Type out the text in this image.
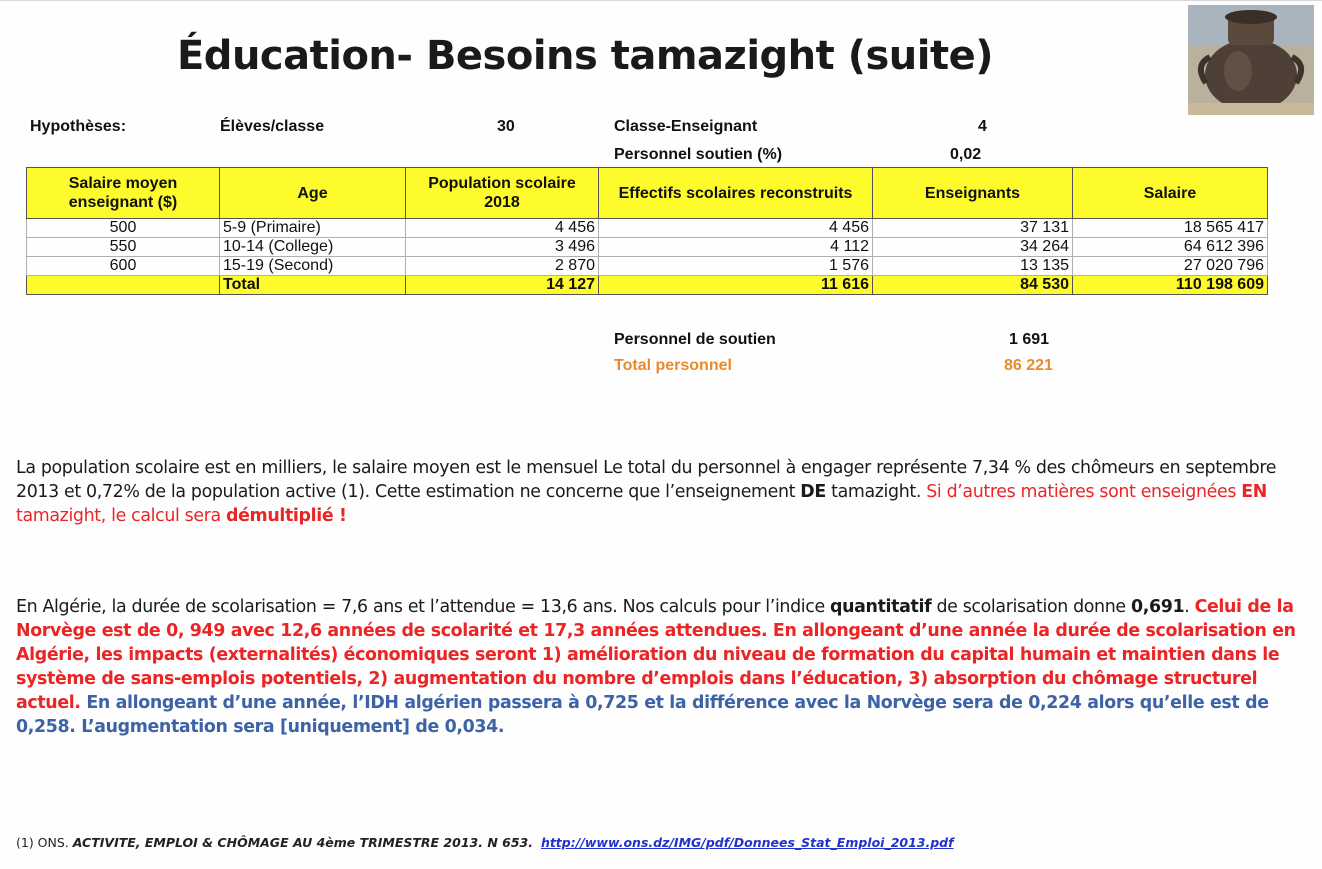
Éducation- Besoins tamazight (suite)
Hypothèses:	Élèves/classe	30	Classe-Enseignant	4
Personnel soutien (%)	0,02
Salaire moyen enseignant ($)	Age	Population scolaire 2018	Effectifs scolaires reconstruits	Enseignants	Salaire
500	5-9 (Primaire)	4 456	4 456	37 131	18 565 417
550	10-14 (College)	3 496	4 112	34 264	64 612 396
600	15-19 (Second)	2 870	1 576	13 135	27 020 796
	Total	14 127	11 616	84 530	110 198 609
Personnel de soutien	1 691
Total personnel	86 221
La population scolaire est en milliers, le salaire moyen est le mensuel Le total du personnel à engager représente 7,34 % des chômeurs en septembre 2013 et 0,72% de la population active (1). Cette estimation ne concerne que l’enseignement DE tamazight. Si d’autres matières sont enseignées EN tamazight, le calcul sera démultiplié !
En Algérie, la durée de scolarisation = 7,6 ans et l’attendue = 13,6 ans. Nos calculs pour l’indice quantitatif de scolarisation donne 0,691. Celui de la Norvège est de 0, 949 avec 12,6 années de scolarité et 17,3 années attendues. En allongeant d’une année la durée de scolarisation en Algérie, les impacts (externalités) économiques seront 1) amélioration du niveau de formation du capital humain et maintien dans le système de sans-emplois potentiels, 2) augmentation du nombre d’emplois dans l’éducation, 3) absorption du chômage structurel actuel. En allongeant d’une année, l’IDH algérien passera à 0,725 et la différence avec la Norvège sera de 0,224 alors qu’elle est de 0,258. L’augmentation sera [uniquement] de 0,034.
(1) ONS. ACTIVITE, EMPLOI & CHÔMAGE AU 4ème TRIMESTRE 2013. N 653. http://www.ons.dz/IMG/pdf/Donnees_Stat_Emploi_2013.pdf
